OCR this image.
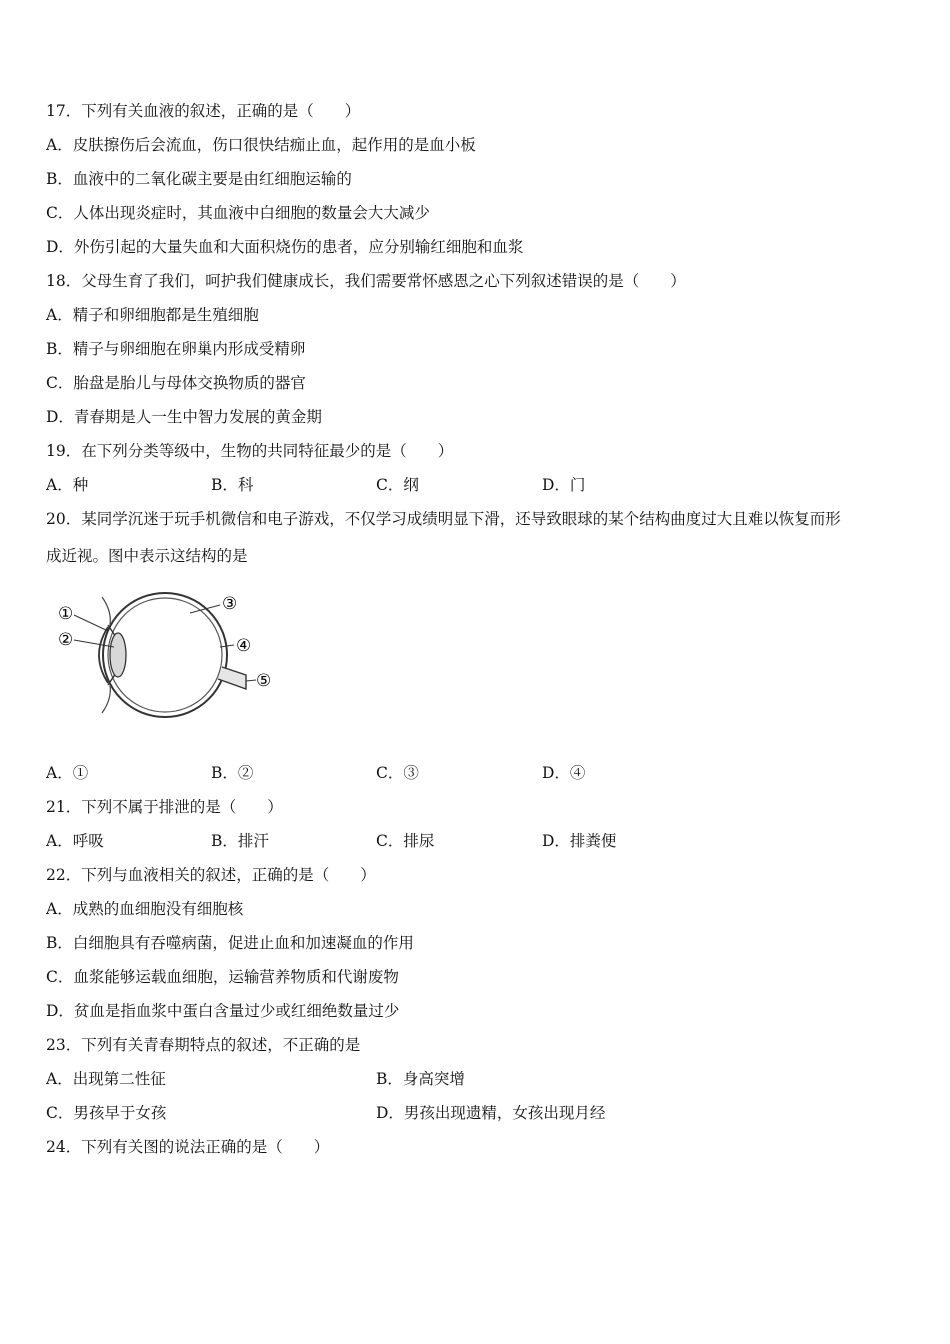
17．下列有关血液的叙述，正确的是（　　）
A．皮肤擦伤后会流血，伤口很快结痂止血，起作用的是血小板
B．血液中的二氧化碳主要是由红细胞运输的
C．人体出现炎症时，其血液中白细胞的数量会大大减少
D．外伤引起的大量失血和大面积烧伤的患者，应分别输红细胞和血浆
18．父母生育了我们，呵护我们健康成长，我们需要常怀感恩之心下列叙述错误的是（　　）
A．精子和卵细胞都是生殖细胞
B．精子与卵细胞在卵巢内形成受精卵
C．胎盘是胎儿与母体交换物质的器官
D．青春期是人一生中智力发展的黄金期
19．在下列分类等级中，生物的共同特征最少的是（　　）
A．种	B．科	C．纲	D．门
20．某同学沉迷于玩手机微信和电子游戏，不仅学习成绩明显下滑，还导致眼球的某个结构曲度过大且难以恢复而形
成近视。图中表示这结构的是
①
②
③
④
⑤
A．①	B．②	C．③	D．④
21．下列不属于排泄的是（　　）
A．呼吸	B．排汗	C．排尿	D．排粪便
22．下列与血液相关的叙述，正确的是（　　）
A．成熟的血细胞没有细胞核
B．白细胞具有吞噬病菌，促进止血和加速凝血的作用
C．血浆能够运载血细胞，运输营养物质和代谢废物
D．贫血是指血浆中蛋白含量过少或红细绝数量过少
23．下列有关青春期特点的叙述，不正确的是
A．出现第二性征	B．身高突增
C．男孩早于女孩	D．男孩出现遗精，女孩出现月经
24．下列有关图的说法正确的是（　　）
